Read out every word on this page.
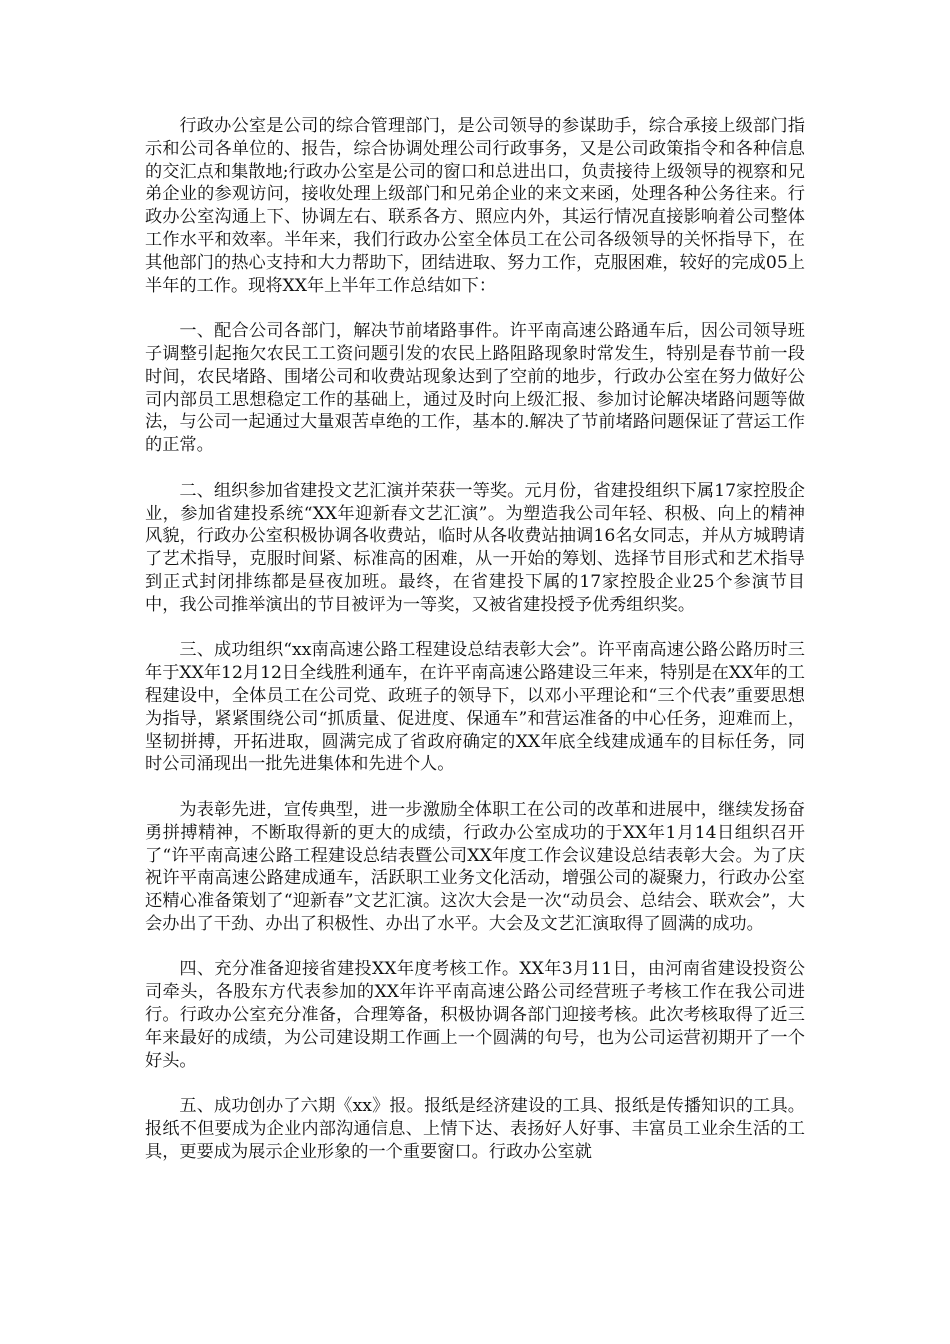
行政办公室是公司的综合管理部门，是公司领导的参谋助手，综合承接上级部门指示和公司各单位的、报告，综合协调处理公司行政事务，又是公司政策指令和各种信息的交汇点和集散地;行政办公室是公司的窗口和总进出口，负责接待上级领导的视察和兄弟企业的参观访问，接收处理上级部门和兄弟企业的来文来函，处理各种公务往来。行政办公室沟通上下、协调左右、联系各方、照应内外，其运行情况直接影响着公司整体工作水平和效率。半年来，我们行政办公室全体员工在公司各级领导的关怀指导下，在其他部门的热心支持和大力帮助下，团结进取、努力工作，克服困难，较好的完成05上半年的工作。现将XX年上半年工作总结如下：

一、配合公司各部门，解决节前堵路事件。许平南高速公路通车后，因公司领导班子调整引起拖欠农民工工资问题引发的农民上路阻路现象时常发生，特别是春节前一段时间，农民堵路、围堵公司和收费站现象达到了空前的地步，行政办公室在努力做好公司内部员工思想稳定工作的基础上，通过及时向上级汇报、参加讨论解决堵路问题等做法，与公司一起通过大量艰苦卓绝的工作，基本的.解决了节前堵路问题保证了营运工作的正常。

二、组织参加省建投文艺汇演并荣获一等奖。元月份，省建投组织下属17家控股企业，参加省建投系统“XX年迎新春文艺汇演”。为塑造我公司年轻、积极、向上的精神风貌，行政办公室积极协调各收费站，临时从各收费站抽调16名女同志，并从方城聘请了艺术指导，克服时间紧、标准高的困难，从一开始的筹划、选择节目形式和艺术指导到正式封闭排练都是昼夜加班。最终，在省建投下属的17家控股企业25个参演节目中，我公司推举演出的节目被评为一等奖，又被省建投授予优秀组织奖。

三、成功组织“xx南高速公路工程建设总结表彰大会”。许平南高速公路公路历时三年于XX年12月12日全线胜利通车，在许平南高速公路建设三年来，特别是在XX年的工程建设中，全体员工在公司党、政班子的领导下，以邓小平理论和“三个代表”重要思想为指导，紧紧围绕公司“抓质量、促进度、保通车”和营运准备的中心任务，迎难而上，坚韧拼搏，开拓进取，圆满完成了省政府确定的XX年底全线建成通车的目标任务，同时公司涌现出一批先进集体和先进个人。

为表彰先进，宣传典型，进一步激励全体职工在公司的改革和进展中，继续发扬奋勇拼搏精神，不断取得新的更大的成绩，行政办公室成功的于XX年1月14日组织召开了“许平南高速公路工程建设总结表暨公司XX年度工作会议建设总结表彰大会。为了庆祝许平南高速公路建成通车，活跃职工业务文化活动，增强公司的凝聚力，行政办公室还精心准备策划了“迎新春”文艺汇演。这次大会是一次“动员会、总结会、联欢会”，大会办出了干劲、办出了积极性、办出了水平。大会及文艺汇演取得了圆满的成功。

四、充分准备迎接省建投XX年度考核工作。XX年3月11日，由河南省建设投资公司牵头，各股东方代表参加的XX年许平南高速公路公司经营班子考核工作在我公司进行。行政办公室充分准备，合理筹备，积极协调各部门迎接考核。此次考核取得了近三年来最好的成绩，为公司建设期工作画上一个圆满的句号，也为公司运营初期开了一个好头。

五、成功创办了六期《xx》报。报纸是经济建设的工具、报纸是传播知识的工具。报纸不但要成为企业内部沟通信息、上情下达、表扬好人好事、丰富员工业余生活的工具，更要成为展示企业形象的一个重要窗口。行政办公室就
